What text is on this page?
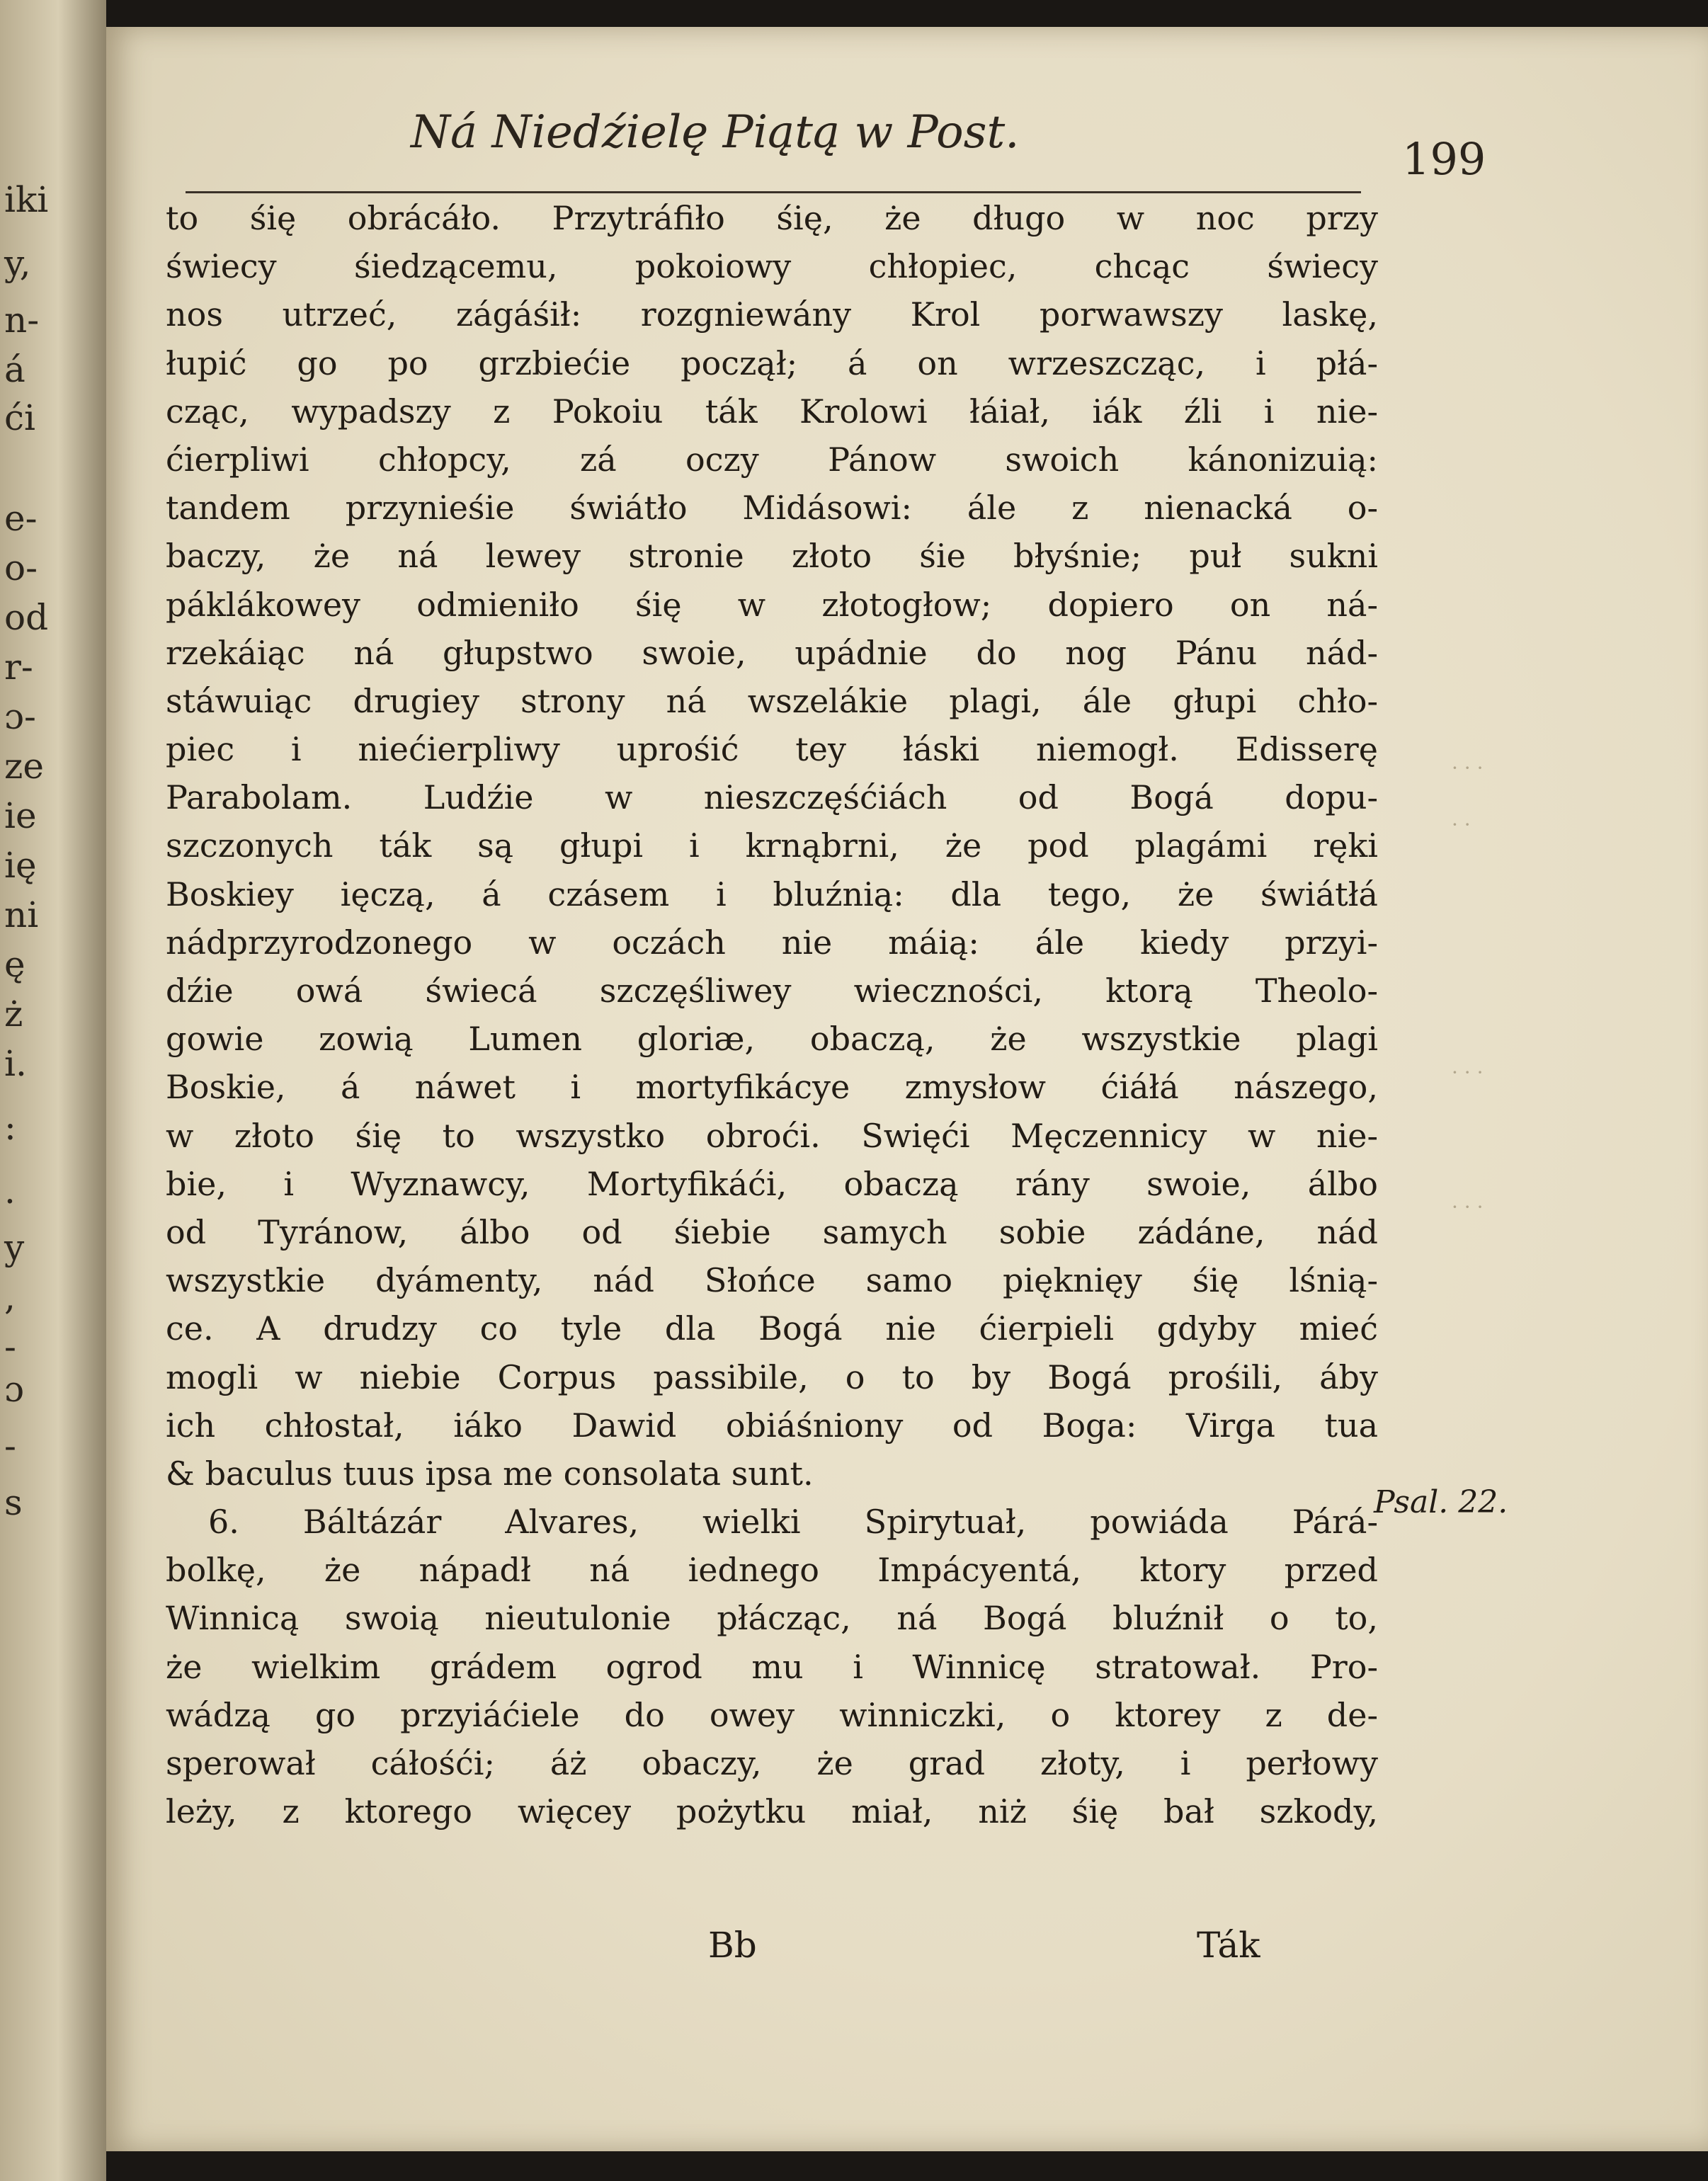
iki
y,
n-
á
ći
e-
o-
od
r-
ɔ-
ze
ie
ię
ni
ę
ż
i.
:
.
y
,
-
ɔ
-
s
Ná Niedźielę Piątą w Post.
199
to śię obrácáło. Przytráfiło śię, że długo w noc przy
świecy śiedzącemu, pokoiowy chłopiec, chcąc świecy
nos utrzeć, zágáśił: rozgniewány Krol porwawszy laskę,
łupić go po grzbiećie począł; á on wrzeszcząc, i płá-
cząc, wypadszy z Pokoiu ták Krolowi łáiał, iák źli i nie-
ćierpliwi chłopcy, zá oczy Pánow swoich kánonizuią:
tandem przynieśie świátło Midásowi: ále z nienacká o-
baczy, że ná lewey stronie złoto śie błyśnie; puł sukni
páklákowey odmieniło śię w złotogłow; dopiero on ná-
rzekáiąc ná głupstwo swoie, upádnie do nog Pánu nád-
stáwuiąc drugiey strony ná wszelákie plagi, ále głupi chło-
piec i niećierpliwy uprośić tey łáski niemogł. Edisserę
Parabolam. Ludźie w nieszczęśćiách od Bogá dopu-
szczonych ták są głupi i krnąbrni, że pod plagámi ręki
Boskiey ięczą, á czásem i bluźnią: dla tego, że świátłá
nádprzyrodzonego w oczách nie máią: ále kiedy przyi-
dźie owá świecá szczęśliwey wieczności, ktorą Theolo-
gowie zowią Lumen gloriæ, obaczą, że wszystkie plagi
Boskie, á náwet i mortyfikácye zmysłow ćiáłá nászego,
w złoto śię to wszystko obroći. Swięći Męczennicy w nie-
bie, i Wyznawcy, Mortyfikáći, obaczą rány swoie, álbo
od Tyránow, álbo od śiebie samych sobie zádáne, nád
wszystkie dyámenty, nád Słońce samo pięknięy śię lśnią-
ce. A drudzy co tyle dla Bogá nie ćierpieli gdyby mieć
mogli w niebie Corpus passibile, o to by Bogá prośili, áby
ich chłostał, iáko Dawid obiáśniony od Boga: Virga tua
& baculus tuus ipsa me consolata sunt.
6. Báltázár Alvares, wielki Spirytuał, powiáda Párá-
bolkę, że nápadł ná iednego Impácyentá, ktory przed
Winnicą swoią nieutulonie płácząc, ná Bogá bluźnił o to,
że wielkim grádem ogrod mu i Winnicę stratował. Pro-
wádzą go przyiáćiele do owey winniczki, o ktorey z de-
sperował cáłośći; áż obaczy, że grad złoty, i perłowy
leży, z ktorego więcey pożytku miał, niż śię bał szkody,
Psal. 22.
Bb	Ták
· · ·
· ·
· · ·
· · ·
